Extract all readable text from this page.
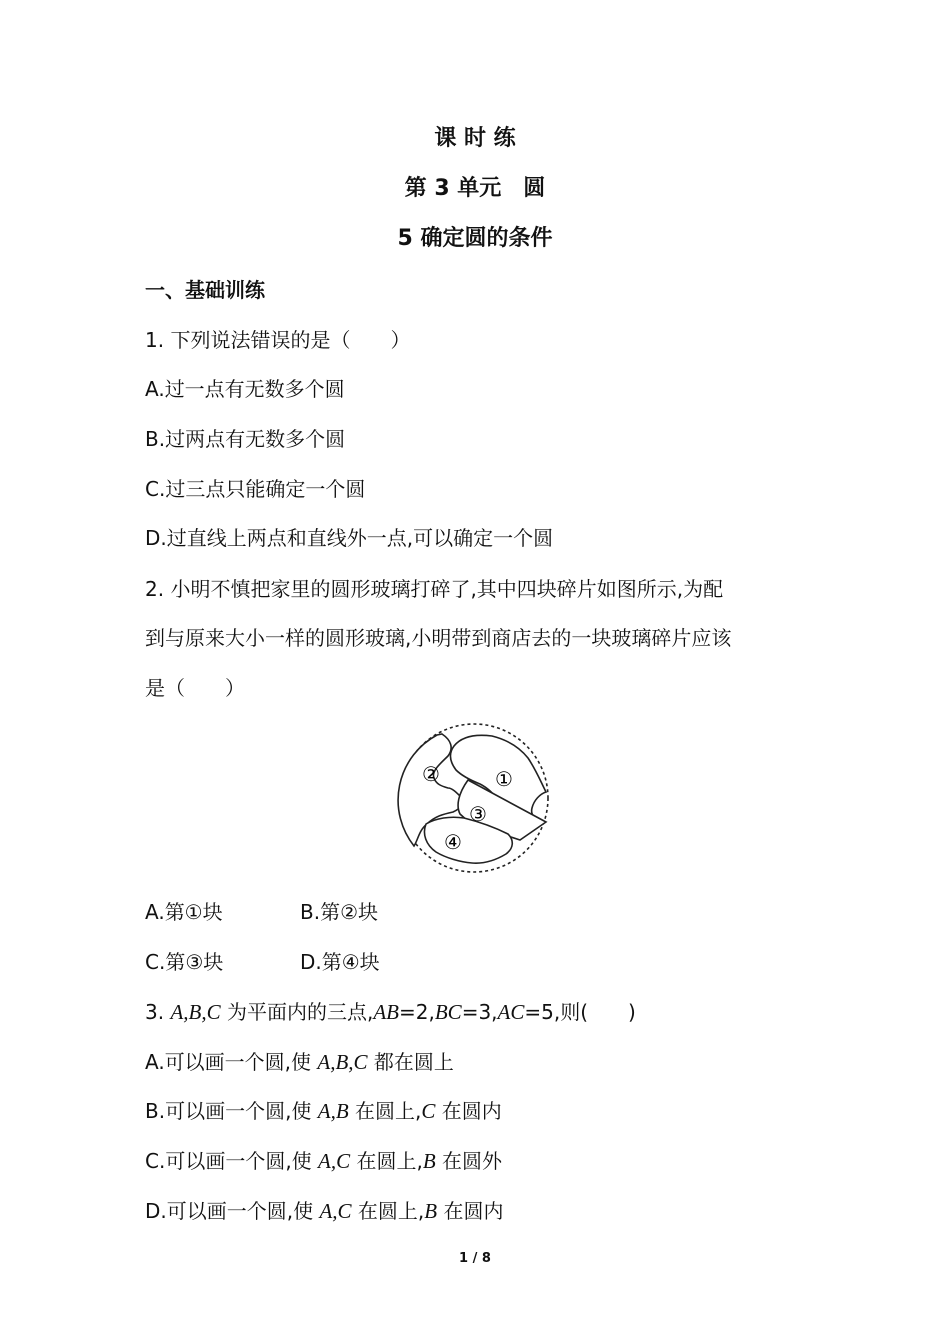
课 时 练
第 3 单元　圆
5 确定圆的条件
一、基础训练
1. 下列说法错误的是（　　）
A.过一点有无数多个圆
B.过两点有无数多个圆
C.过三点只能确定一个圆
D.过直线上两点和直线外一点,可以确定一个圆
2. 小明不慎把家里的圆形玻璃打碎了,其中四块碎片如图所示,为配
到与原来大小一样的圆形玻璃,小明带到商店去的一块玻璃碎片应该
是（　　）
①
②
③
④
A.第①块	B.第②块
C.第③块	D.第④块
3. A,B,C 为平面内的三点,AB=2,BC=3,AC=5,则(　　)
A.可以画一个圆,使 A,B,C 都在圆上
B.可以画一个圆,使 A,B 在圆上,C 在圆内
C.可以画一个圆,使 A,C 在圆上,B 在圆外
D.可以画一个圆,使 A,C 在圆上,B 在圆内
1 / 8
